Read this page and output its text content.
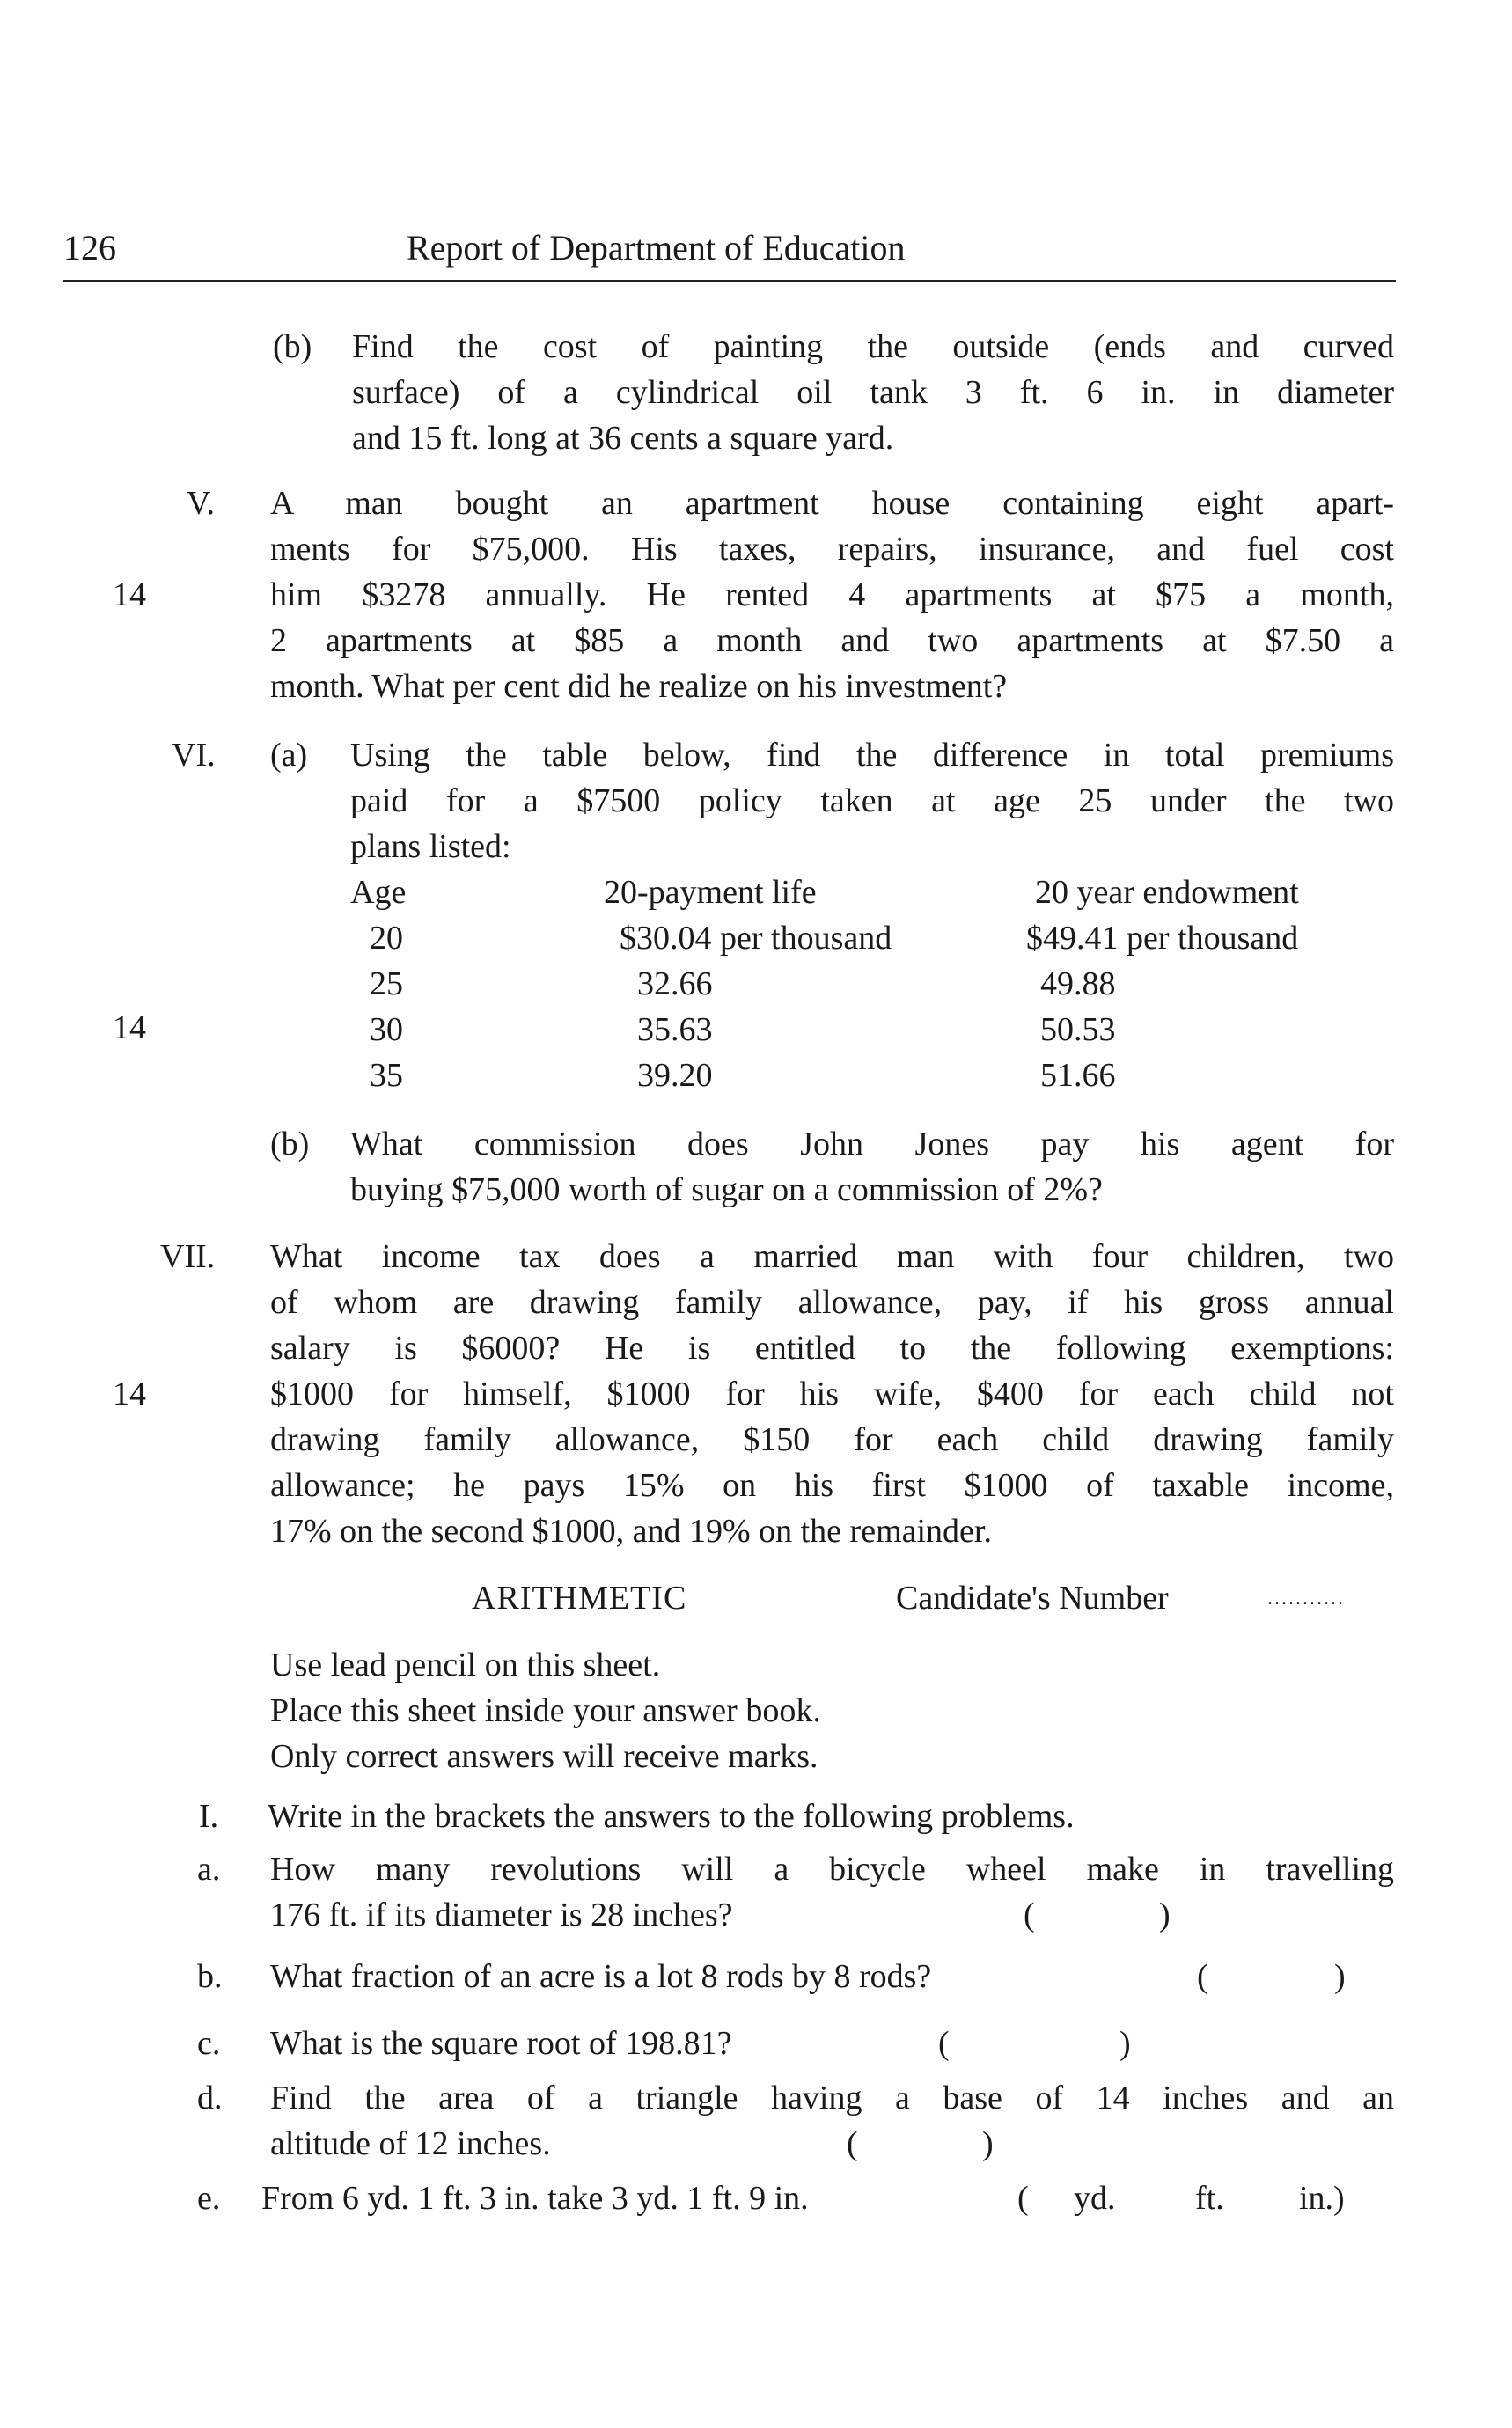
126	Report of Department of Education
(b) Find the cost of painting the outside (ends and curved
surface) of a cylindrical oil tank 3 ft. 6 in. in diameter
and 15 ft. long at 36 cents a square yard.
V.
14
A man bought an apartment house containing eight apart-
ments for $75,000. His taxes, repairs, insurance, and fuel cost
him $3278 annually. He rented 4 apartments at $75 a month,
2 apartments at $85 a month and two apartments at $7.50 a
month. What per cent did he realize on his investment?
VI. (a)
14
Using the table below, find the difference in total premiums
paid for a $7500 policy taken at age 25 under the two
plans listed:
Age	20-payment life	20 year endowment
20	$30.04 per thousand	$49.41 per thousand
25	32.66	49.88
30	35.63	50.53
35	39.20	51.66
(b) What commission does John Jones pay his agent for
buying $75,000 worth of sugar on a commission of 2%?
VII.
14
What income tax does a married man with four children, two
of whom are drawing family allowance, pay, if his gross annual
salary is $6000? He is entitled to the following exemptions:
$1000 for himself, $1000 for his wife, $400 for each child not
drawing family allowance, $150 for each child drawing family
allowance; he pays 15% on his first $1000 of taxable income,
17% on the second $1000, and 19% on the remainder.
ARITHMETIC	Candidate's Number	...........
Use lead pencil on this sheet.
Place this sheet inside your answer book.
Only correct answers will receive marks.
I. Write in the brackets the answers to the following problems.
a. How many revolutions will a bicycle wheel make in travelling
176 ft. if its diameter is 28 inches?	(	)
b. What fraction of an acre is a lot 8 rods by 8 rods?	(	)
c. What is the square root of 198.81?	(	)
d. Find the area of a triangle having a base of 14 inches and an
altitude of 12 inches.	(	)
e. From 6 yd. 1 ft. 3 in. take 3 yd. 1 ft. 9 in.	( yd. ft. in.)
